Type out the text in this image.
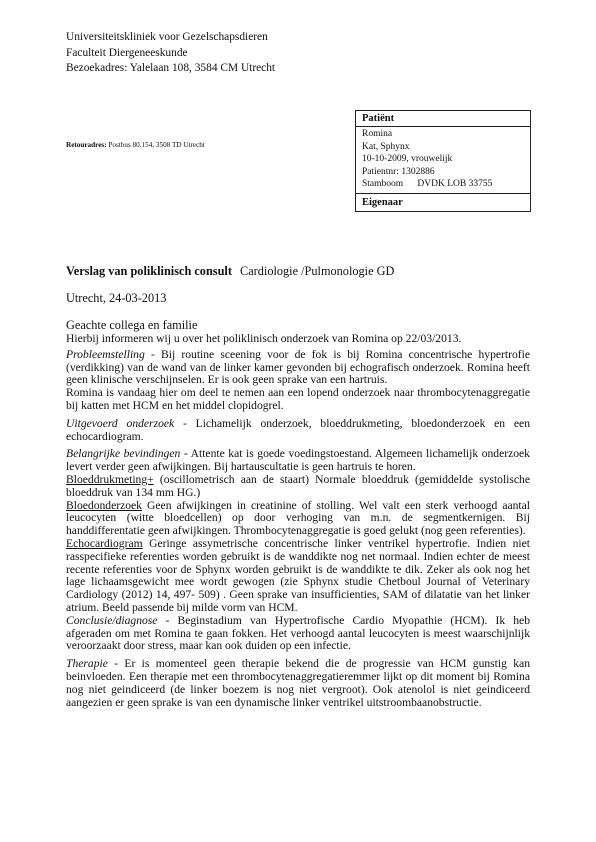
Universiteitskliniek voor Gezelschapsdieren
Faculteit Diergeneeskunde
Bezoekadres: Yalelaan 108, 3584 CM Utrecht
Retouradres: Postbus 80.154, 3508 TD Utrecht
Patiënt
Romina
Kat, Sphynx
10-10-2009, vrouwelijk
Patientnr: 1302886
Stamboom DVDK LOB 33755
Eigenaar
Verslag van poliklinisch consult Cardiologie /Pulmonologie GD
Utrecht, 24-03-2013
Geachte collega en familie

Hierbij informeren wij u over het poliklinisch onderzoek van Romina op 22/03/2013.

Probleemstelling - Bij routine sceening voor de fok is bij Romina concentrische hypertrofie (verdikking) van de wand van de linker kamer gevonden bij echografisch onderzoek. Romina heeft geen klinische verschijnselen. Er is ook geen sprake van een hartruis.

Romina is vandaag hier om deel te nemen aan een lopend onderzoek naar thrombocytenaggregatie bij katten met HCM en het middel clopidogrel.

Uitgevoerd onderzoek - Lichamelijk onderzoek, bloeddrukmeting, bloedonderzoek en een echocardiogram.

Belangrijke bevindingen - Attente kat is goede voedingstoestand. Algemeen lichamelijk onderzoek levert verder geen afwijkingen. Bij hartauscultatie is geen hartruis te horen.

Bloeddrukmeting+ (oscillometrisch aan de staart) Normale bloeddruk (gemiddelde systolische bloeddruk van 134 mm HG.)

Bloedonderzoek Geen afwijkingen in creatinine of stolling. Wel valt een sterk verhoogd aantal leucocyten (witte bloedcellen) op door verhoging van m.n. de segmentkernigen. Bij handdifferentatie geen afwijkingen. Thrombocytenaggregatie is goed gelukt (nog geen referenties).

Echocardiogram Geringe assymetrische concentrische linker ventrikel hypertrofie. Indien niet rasspecifieke referenties worden gebruikt is de wanddikte nog net normaal. Indien echter de meest recente referenties voor de Sphynx worden gebruikt is de wanddikte te dik. Zeker als ook nog het lage lichaamsgewicht mee wordt gewogen (zie Sphynx studie Chetboul Journal of Veterinary Cardiology (2012) 14, 497- 509) . Geen sprake van insufficienties, SAM of dilatatie van het linker atrium. Beeld passende bij milde vorm van HCM.

Conclusie/diagnose - Beginstadium van Hypertrofische Cardio Myopathie (HCM). Ik heb afgeraden om met Romina te gaan fokken. Het verhoogd aantal leucocyten is meest waarschijnlijk veroorzaakt door stress, maar kan ook duiden op een infectie.

Therapie - Er is momenteel geen therapie bekend die de progressie van HCM gunstig kan beinvloeden. Een therapie met een thrombocytenaggregatieremmer lijkt op dit moment bij Romina nog niet geindiceerd (de linker boezem is nog niet vergroot). Ook atenolol is niet geindiceerd aangezien er geen sprake is van een dynamische linker ventrikel uitstroombaanobstructie.
